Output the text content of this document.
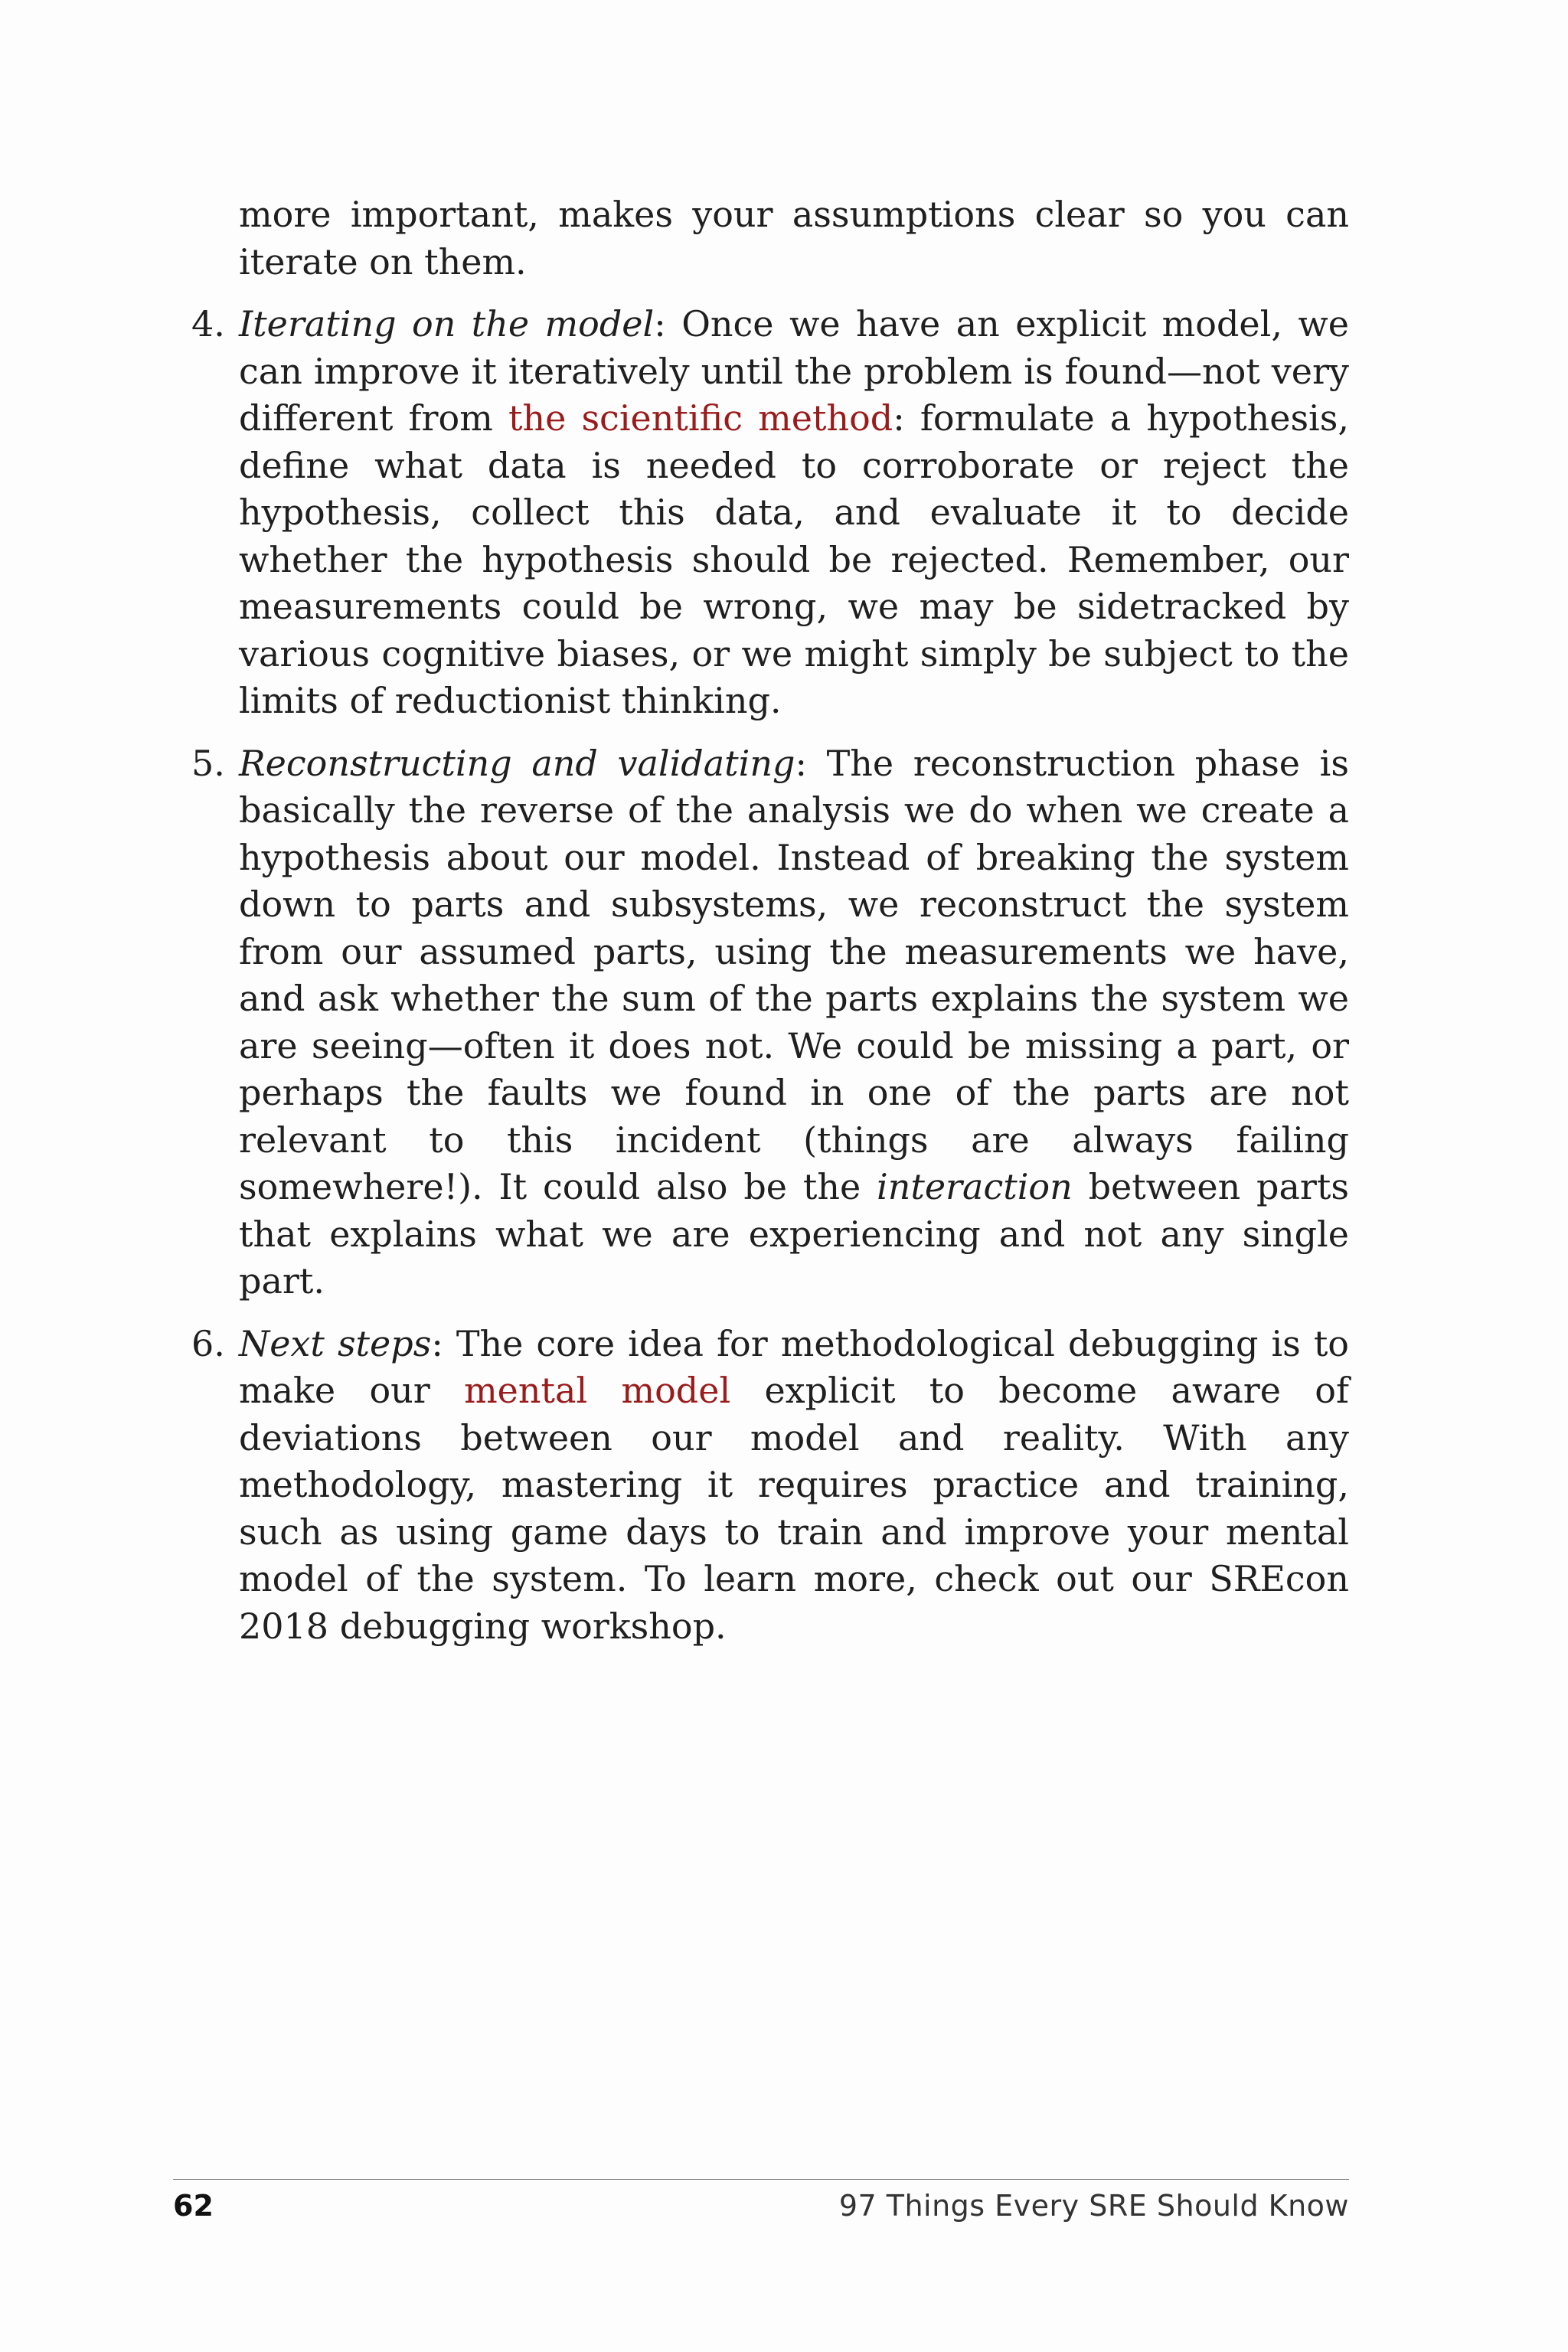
more important, makes your assumptions clear so you can iterate on them.

4. Iterating on the model: Once we have an explicit model, we can improve it iteratively until the problem is found—not very different from the scientific method: formulate a hypothesis, define what data is needed to corroborate or reject the hypothesis, collect this data, and evaluate it to decide whether the hypothesis should be rejected. Remember, our measurements could be wrong, we may be sidetracked by various cognitive biases, or we might simply be subject to the limits of reductionist thinking.

5. Reconstructing and validating: The reconstruction phase is basically the reverse of the analysis we do when we create a hypothesis about our model. Instead of breaking the system down to parts and subsystems, we reconstruct the system from our assumed parts, using the measurements we have, and ask whether the sum of the parts explains the system we are seeing—often it does not. We could be missing a part, or perhaps the faults we found in one of the parts are not relevant to this incident (things are always failing somewhere!). It could also be the interaction between parts that explains what we are experiencing and not any single part.

6. Next steps: The core idea for methodological debugging is to make our mental model explicit to become aware of deviations between our model and reality. With any methodology, mastering it requires practice and training, such as using game days to train and improve your mental model of the system. To learn more, check out our SREcon 2018 debugging workshop.

62	97 Things Every SRE Should Know
